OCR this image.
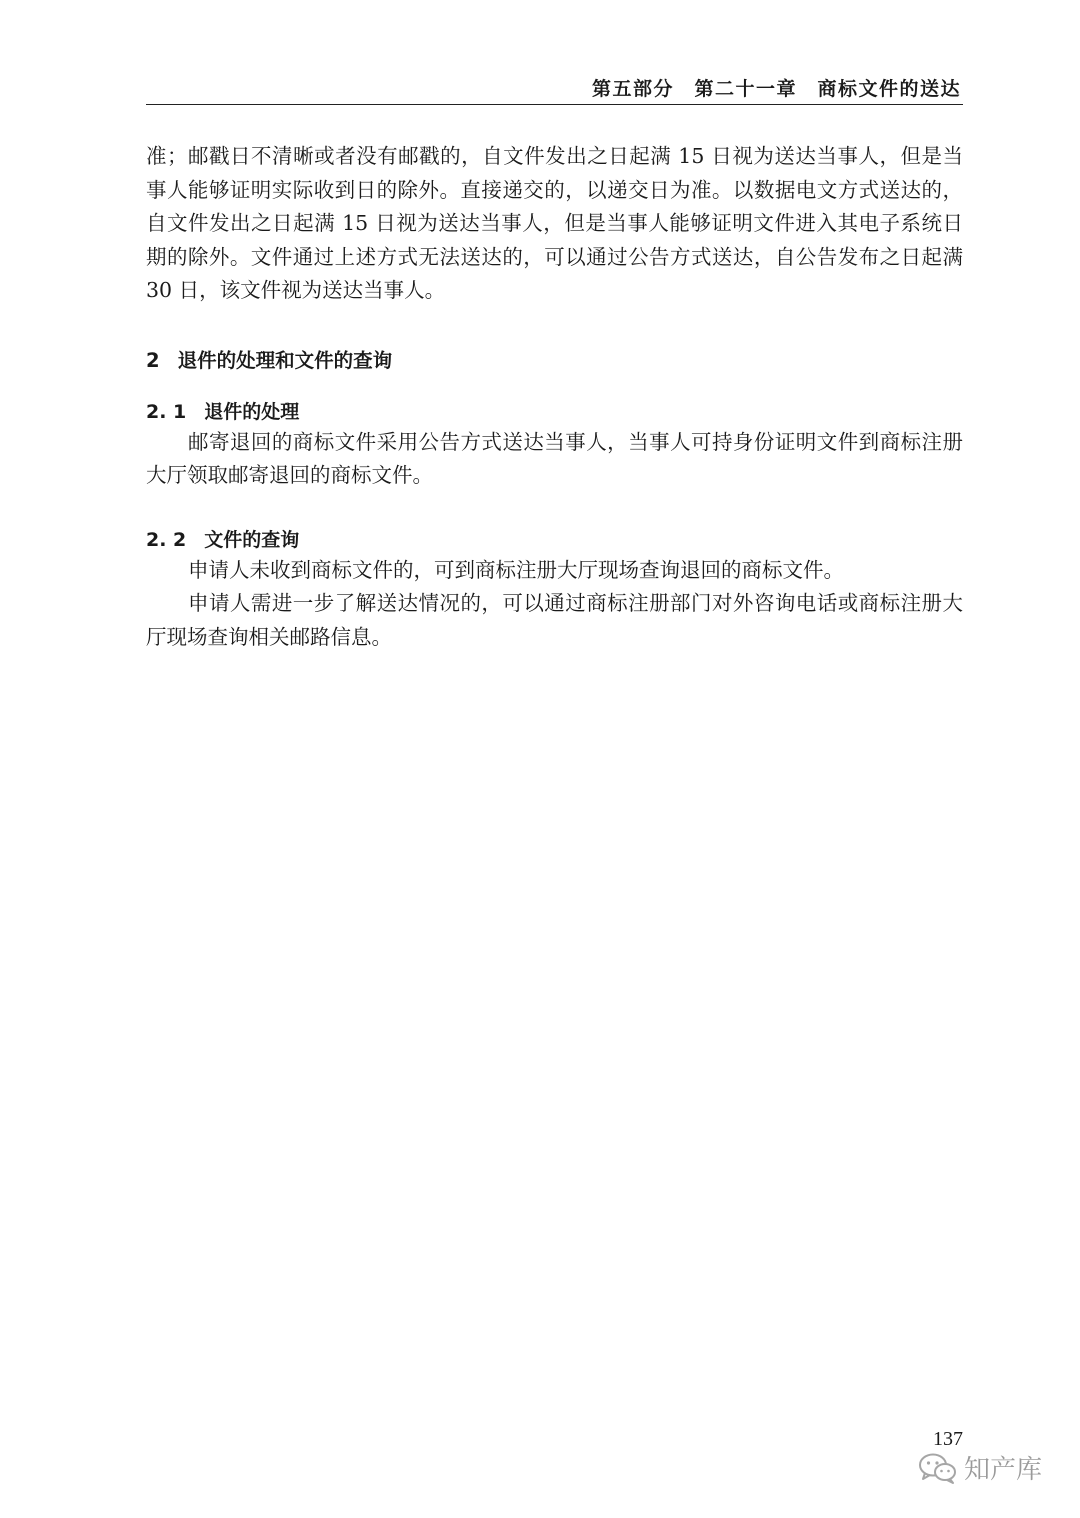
第五部分　第二十一章　商标文件的送达

准；邮戳日不清晰或者没有邮戳的，自文件发出之日起满 15 日视为送达当事人，但是当事人能够证明实际收到日的除外。直接递交的，以递交日为准。以数据电文方式送达的，自文件发出之日起满 15 日视为送达当事人，但是当事人能够证明文件进入其电子系统日期的除外。文件通过上述方式无法送达的，可以通过公告方式送达，自公告发布之日起满 30 日，该文件视为送达当事人。

2 退件的处理和文件的查询
2. 1 退件的处理

邮寄退回的商标文件采用公告方式送达当事人，当事人可持身份证明文件到商标注册大厅领取邮寄退回的商标文件。

2. 2 文件的查询

申请人未收到商标文件的，可到商标注册大厅现场查询退回的商标文件。

申请人需进一步了解送达情况的，可以通过商标注册部门对外咨询电话或商标注册大厅现场查询相关邮路信息。

137
知产库
